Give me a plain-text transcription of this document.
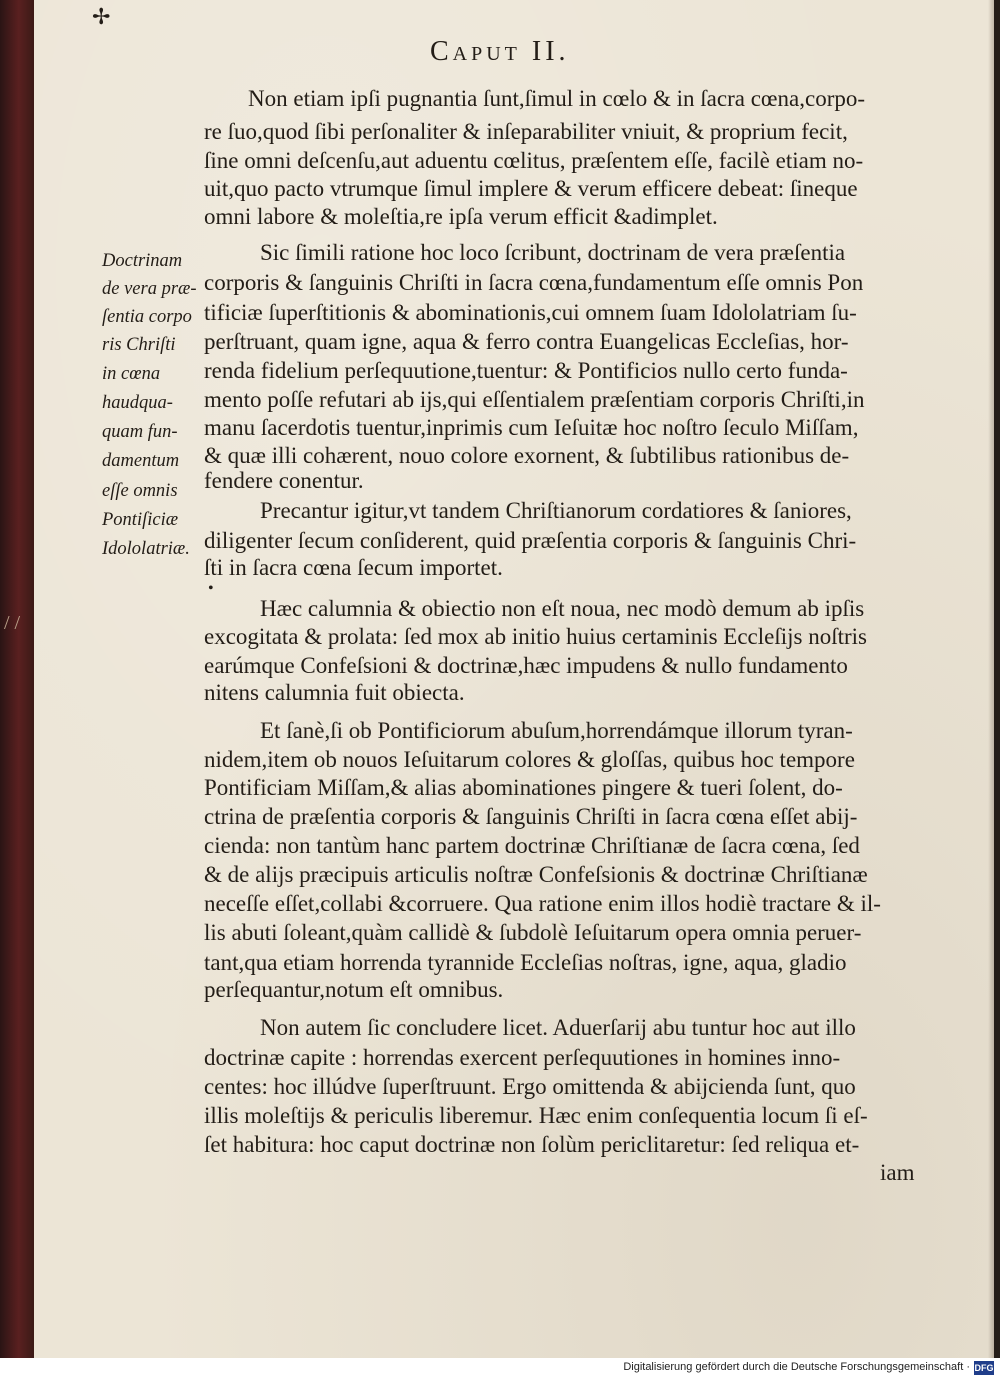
✢
Caput II.
Doctrinam
de vera præ-
ſentia corpo
ris Chriſti
in cœna
haudqua-
quam fun-
damentum
eſſe omnis
Pontiſiciæ
Idololatriæ.
/ /
•
Non etiam ipſi pugnantia ſunt,ſimul in cœlo & in ſacra cœna,corpo-
re ſuo,quod ſibi perſonaliter & inſeparabiliter vniuit, & proprium fecit,
ſine omni deſcenſu,aut aduentu cœlitus, præſentem eſſe, facilè etiam no-
uit,quo pacto vtrumque ſimul implere & verum efficere debeat: ſineque
omni labore & moleſtia,re ipſa verum efficit &adimplet.
Sic ſimili ratione hoc loco ſcribunt, doctrinam de vera præſentia
corporis & ſanguinis Chriſti in ſacra cœna,fundamentum eſſe omnis Pon
tificiæ ſuperſtitionis & abominationis,cui omnem ſuam Idololatriam ſu-
perſtruant, quam igne, aqua & ferro contra Euangelicas Eccleſias, hor-
renda fidelium perſequutione,tuentur: & Pontificios nullo certo funda-
mento poſſe refutari ab ijs,qui eſſentialem præſentiam corporis Chriſti,in
manu ſacerdotis tuentur,inprimis cum Ieſuitæ hoc noſtro ſeculo Miſſam,
& quæ illi cohærent, nouo colore exornent, & ſubtilibus rationibus de-
fendere conentur.
Precantur igitur,vt tandem Chriſtianorum cordatiores & ſaniores,
diligenter ſecum conſiderent, quid præſentia corporis & ſanguinis Chri-
ſti in ſacra cœna ſecum importet.
Hæc calumnia & obiectio non eſt noua, nec modò demum ab ipſis
excogitata & prolata: ſed mox ab initio huius certaminis Eccleſijs noſtris
earúmque Confeſsioni & doctrinæ,hæc impudens & nullo fundamento
nitens calumnia fuit obiecta.
Et ſanè,ſi ob Pontificiorum abuſum,horrendámque illorum tyran-
nidem,item ob nouos Ieſuitarum colores & gloſſas, quibus hoc tempore
Pontificiam Miſſam,& alias abominationes pingere & tueri ſolent, do-
ctrina de præſentia corporis & ſanguinis Chriſti in ſacra cœna eſſet abij-
cienda: non tantùm hanc partem doctrinæ Chriſtianæ de ſacra cœna, ſed
& de alijs præcipuis articulis noſtræ Confeſsionis & doctrinæ Chriſtianæ
neceſſe eſſet,collabi &corruere. Qua ratione enim illos hodiè tractare & il-
lis abuti ſoleant,quàm callidè & ſubdolè Ieſuitarum opera omnia peruer-
tant,qua etiam horrenda tyrannide Eccleſias noſtras, igne, aqua, gladio
perſequantur,notum eſt omnibus.
Non autem ſic concludere licet. Aduerſarij abu tuntur hoc aut illo
doctrinæ capite : horrendas exercent perſequutiones in homines inno-
centes: hoc illúdve ſuperſtruunt. Ergo omittenda & abijcienda ſunt, quo
illis moleſtijs & periculis liberemur. Hæc enim conſequentia locum ſi eſ-
ſet habitura: hoc caput doctrinæ non ſolùm periclitaretur: ſed reliqua et-
iam
Digitalisierung gefördert durch die Deutsche Forschungsgemeinschaft · DFG
